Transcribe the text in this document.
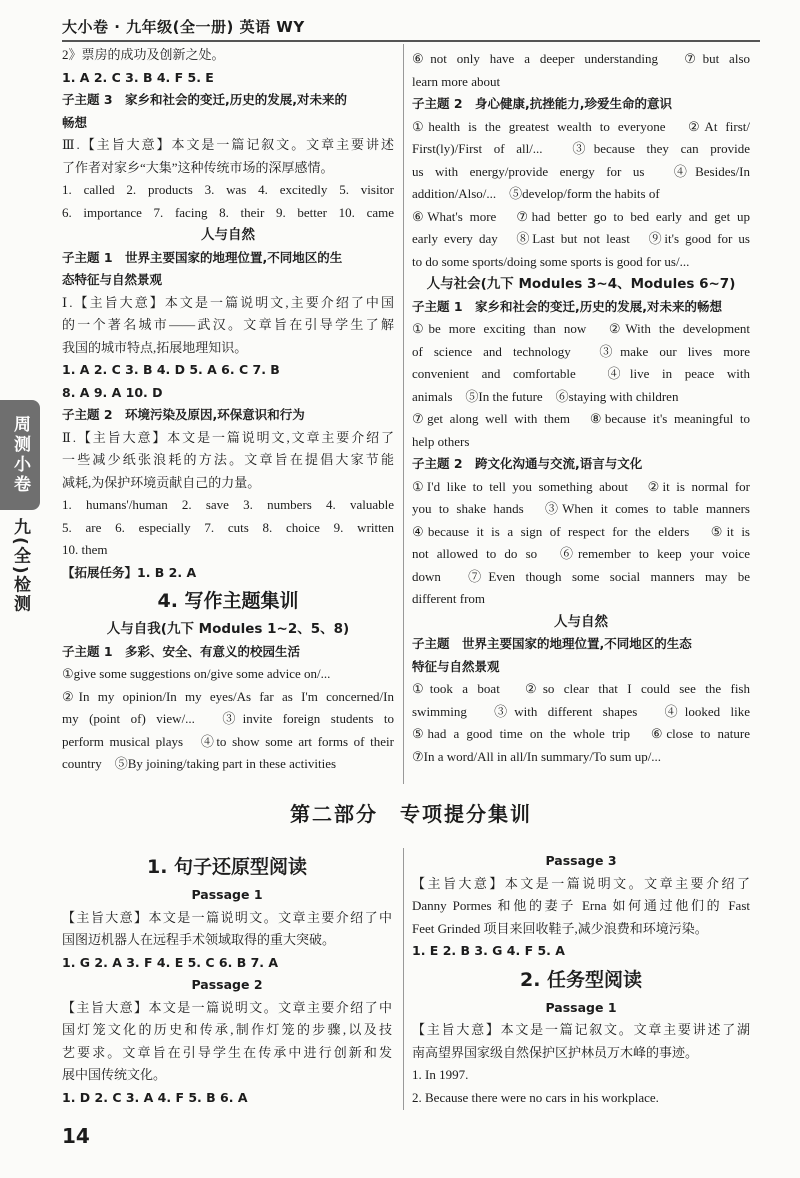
大小卷 · 九年级(全一册) 英语 WY
周测小卷
九(全)检测
2》票房的成功及创新之处。
1. A 2. C 3. B 4. F 5. E
子主题 3　家乡和社会的变迁,历史的发展,对未来的
畅想
Ⅲ.【主旨大意】本文是一篇记叙文。文章主要讲述
了作者对家乡“大集”这种传统市场的深厚感情。
1. called 2. products 3. was 4. excitedly 5. visitor
6. importance 7. facing 8. their 9. better 10. came
人与自然
子主题 1　世界主要国家的地理位置,不同地区的生
态特征与自然景观
Ⅰ.【主旨大意】本文是一篇说明文,主要介绍了中国
的一个著名城市——武汉。文章旨在引导学生了解
我国的城市特点,拓展地理知识。
1. A 2. C 3. B 4. D 5. A 6. C 7. B
8. A 9. A 10. D
子主题 2　环境污染及原因,环保意识和行为
Ⅱ.【主旨大意】本文是一篇说明文,文章主要介绍了
一些减少纸张浪耗的方法。文章旨在提倡大家节能
减耗,为保护环境贡献自己的力量。
1. humans'/human 2. save 3. numbers 4. valuable
5. are 6. especially 7. cuts 8. choice 9. written
10. them
【拓展任务】1. B 2. A
4. 写作主题集训
人与自我(九下 Modules 1~2、5、8)
子主题 1　多彩、安全、有意义的校园生活
①give some suggestions on/give some advice on/...
②In my opinion/In my eyes/As far as I'm concerned/In
my (point of) view/...　③invite foreign students to
perform musical plays　④to show some art forms of their
country　⑤By joining/taking part in these activities
⑥not only have a deeper understanding　⑦but also
learn more about
子主题 2　身心健康,抗挫能力,珍爱生命的意识
①health is the greatest wealth to everyone　②At first/
First(ly)/First of all/...　③because they can provide
us with energy/provide energy for us　④Besides/In
addition/Also/...　⑤develop/form the habits of
⑥What's more　⑦had better go to bed early and get up
early every day　⑧Last but not least　⑨it's good for us
to do some sports/doing some sports is good for us/...
人与社会(九下 Modules 3~4、Modules 6~7)
子主题 1　家乡和社会的变迁,历史的发展,对未来的畅想
①be more exciting than now　②With the development
of science and technology　③make our lives more
convenient and comfortable　④live in peace with
animals　⑤In the future　⑥staying with children
⑦get along well with them　⑧because it's meaningful to
help others
子主题 2　跨文化沟通与交流,语言与文化
①I'd like to tell you something about　②it is normal for
you to shake hands　③When it comes to table manners
④because it is a sign of respect for the elders　⑤it is
not allowed to do so　⑥remember to keep your voice
down　⑦Even though some social manners may be
different from
人与自然
子主题　世界主要国家的地理位置,不同地区的生态
特征与自然景观
①took a boat　②so clear that I could see the fish
swimming　③with different shapes　④looked like
⑤had a good time on the whole trip　⑥close to nature
⑦In a word/All in all/In summary/To sum up/...
第二部分　专项提分集训
1. 句子还原型阅读
Passage 1
【主旨大意】本文是一篇说明文。文章主要介绍了中
国图迈机器人在远程手术领域取得的重大突破。
1. G 2. A 3. F 4. E 5. C 6. B 7. A
Passage 2
【主旨大意】本文是一篇说明文。文章主要介绍了中
国灯笼文化的历史和传承,制作灯笼的步骤,以及技
艺要求。文章旨在引导学生在传承中进行创新和发
展中国传统文化。
1. D 2. C 3. A 4. F 5. B 6. A
Passage 3
【主旨大意】本文是一篇说明文。文章主要介绍了
Danny Pormes 和他的妻子 Erna 如何通过他们的 Fast
Feet Grinded 项目来回收鞋子,减少浪费和环境污染。
1. E 2. B 3. G 4. F 5. A
2. 任务型阅读
Passage 1
【主旨大意】本文是一篇记叙文。文章主要讲述了湖
南高望界国家级自然保护区护林员万木峰的事迹。
1. In 1997.
2. Because there were no cars in his workplace.
14
